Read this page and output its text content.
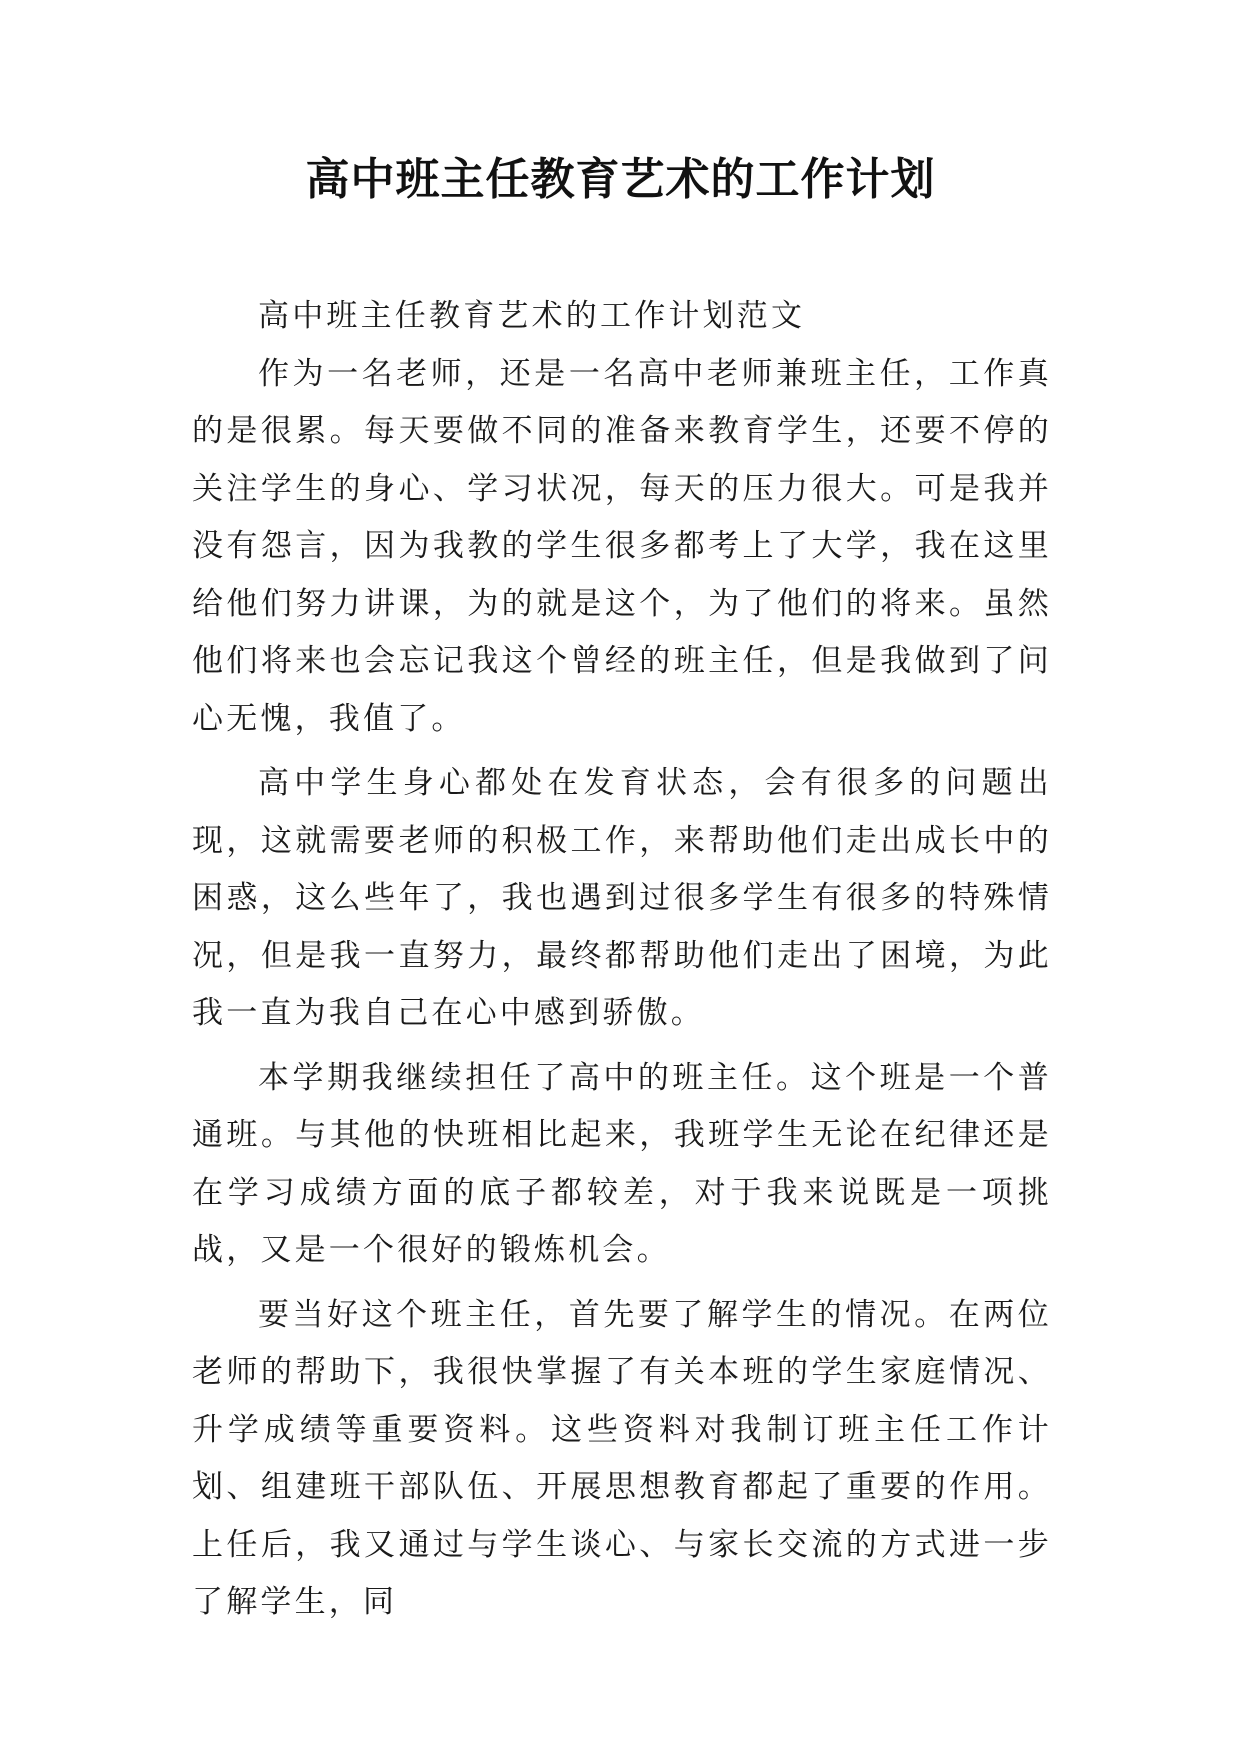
高中班主任教育艺术的工作计划

高中班主任教育艺术的工作计划范文

作为一名老师，还是一名高中老师兼班主任，工作真的是很累。每天要做不同的准备来教育学生，还要不停的关注学生的身心、学习状况，每天的压力很大。可是我并没有怨言，因为我教的学生很多都考上了大学，我在这里给他们努力讲课，为的就是这个，为了他们的将来。虽然他们将来也会忘记我这个曾经的班主任，但是我做到了问心无愧，我值了。

高中学生身心都处在发育状态，会有很多的问题出现，这就需要老师的积极工作，来帮助他们走出成长中的困惑，这么些年了，我也遇到过很多学生有很多的特殊情况，但是我一直努力，最终都帮助他们走出了困境，为此我一直为我自己在心中感到骄傲。

本学期我继续担任了高中的班主任。这个班是一个普通班。与其他的快班相比起来，我班学生无论在纪律还是在学习成绩方面的底子都较差，对于我来说既是一项挑战，又是一个很好的锻炼机会。

要当好这个班主任，首先要了解学生的情况。在两位老师的帮助下，我很快掌握了有关本班的学生家庭情况、升学成绩等重要资料。这些资料对我制订班主任工作计划、组建班干部队伍、开展思想教育都起了重要的作用。上任后，我又通过与学生谈心、与家长交流的方式进一步了解学生，同
